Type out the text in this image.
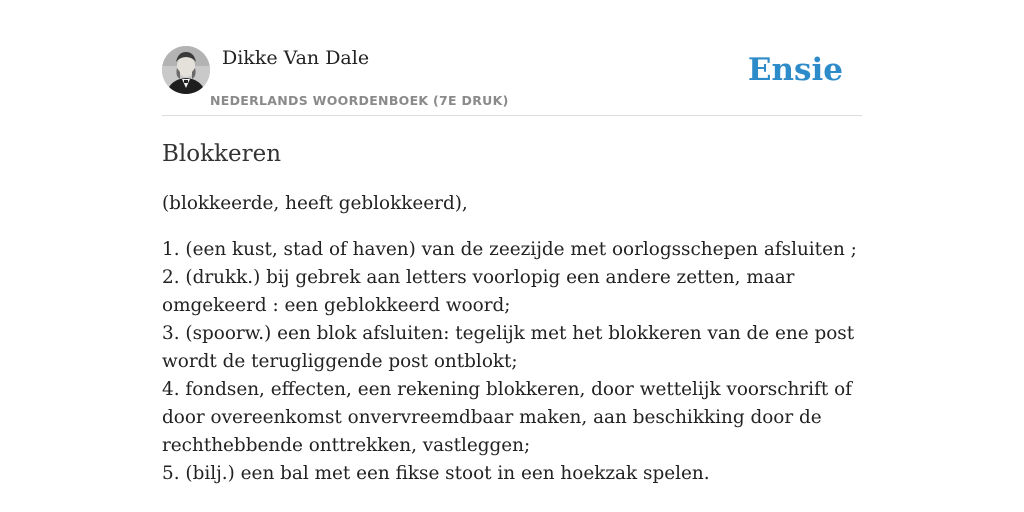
Dikke Van Dale
NEDERLANDS WOORDENBOEK (7E DRUK)
Ensie
Blokkeren

(blokkeerde, heeft geblokkeerd),

1. (een kust, stad of haven) van de zeezijde met oorlogsschepen afsluiten ;

2. (drukk.) bij gebrek aan letters voorlopig een andere zetten, maar omgekeerd : een geblokkeerd woord;

3. (spoorw.) een blok afsluiten: tegelijk met het blokkeren van de ene post wordt de terugliggende post ontblokt;

4. fondsen, effecten, een rekening blokkeren, door wettelijk voorschrift of door overeenkomst onvervreemdbaar maken, aan beschikking door de rechthebbende onttrekken, vastleggen;

5. (bilj.) een bal met een fikse stoot in een hoekzak spelen.
